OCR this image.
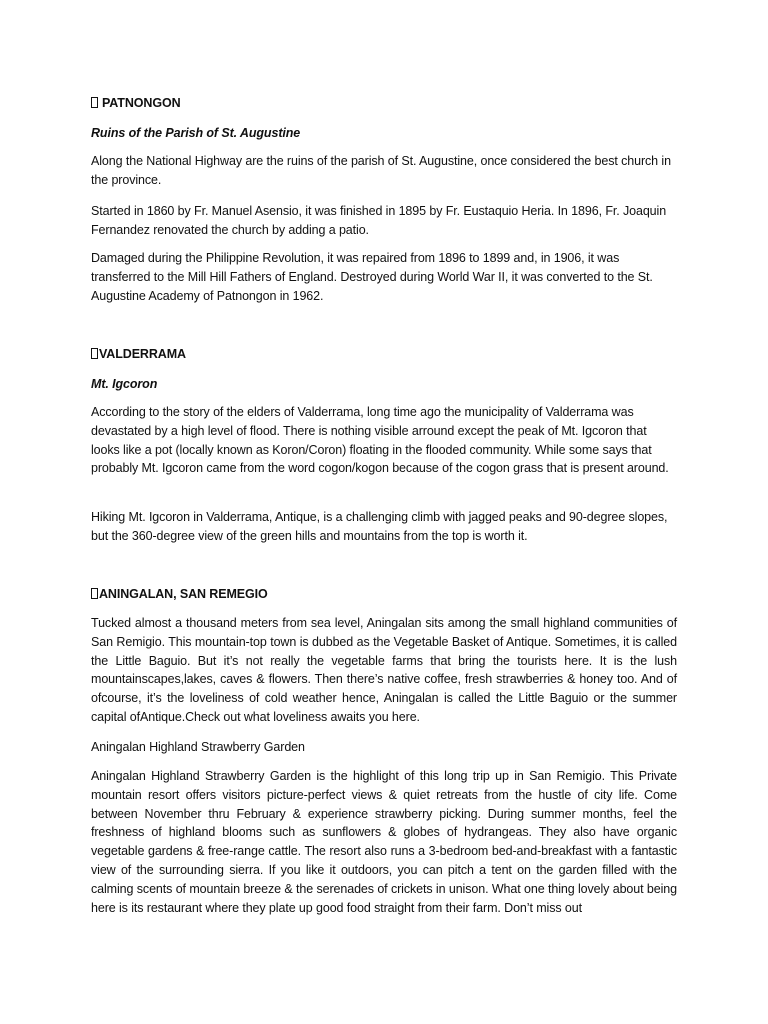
PATNONGON
Ruins of the Parish of St. Augustine

Along the National Highway are the ruins of the parish of St. Augustine, once considered the best church in the province.

Started in 1860 by Fr. Manuel Asensio, it was finished in 1895 by Fr. Eustaquio Heria. In 1896, Fr. Joaquin Fernandez renovated the church by adding a patio.

Damaged during the Philippine Revolution, it was repaired from 1896 to 1899 and, in 1906, it was transferred to the Mill Hill Fathers of England. Destroyed during World War II, it was converted to the St. Augustine Academy of Patnongon in 1962.

VALDERRAMA
Mt. Igcoron

According to the story of the elders of Valderrama, long time ago the municipality of Valderrama was devastated by a high level of flood. There is nothing visible arround except the peak of Mt. Igcoron that looks like a pot (locally known as Koron/Coron) floating in the flooded community. While some says that probably Mt. Igcoron came from the word cogon/kogon because of the cogon grass that is present around.

Hiking Mt. Igcoron in Valderrama, Antique, is a challenging climb with jagged peaks and 90-degree slopes, but the 360-degree view of the green hills and mountains from the top is worth it.

ANINGALAN, SAN REMEGIO

Tucked almost a thousand meters from sea level, Aningalan sits among the small highland communities of San Remigio. This mountain-top town is dubbed as the Vegetable Basket of Antique. Sometimes, it is called the Little Baguio. But it’s not really the vegetable farms that bring the tourists here. It is the lush mountainscapes,lakes, caves & flowers. Then there’s native coffee, fresh strawberries & honey too. And of ofcourse, it’s the loveliness of cold weather hence, Aningalan is called the Little Baguio or the summer capital ofAntique.Check out what loveliness awaits you here.

Aningalan Highland Strawberry Garden

Aningalan Highland Strawberry Garden is the highlight of this long trip up in San Remigio. This Private mountain resort offers visitors picture-perfect views & quiet retreats from the hustle of city life. Come between November thru February & experience strawberry picking. During summer months, feel the freshness of highland blooms such as sunflowers & globes of hydrangeas. They also have organic vegetable gardens & free-range cattle. The resort also runs a 3-bedroom bed-and-breakfast with a fantastic view of the surrounding sierra. If you like it outdoors, you can pitch a tent on the garden filled with the calming scents of mountain breeze & the serenades of crickets in unison. What one thing lovely about being here is its restaurant where they plate up good food straight from their farm. Don’t miss out
